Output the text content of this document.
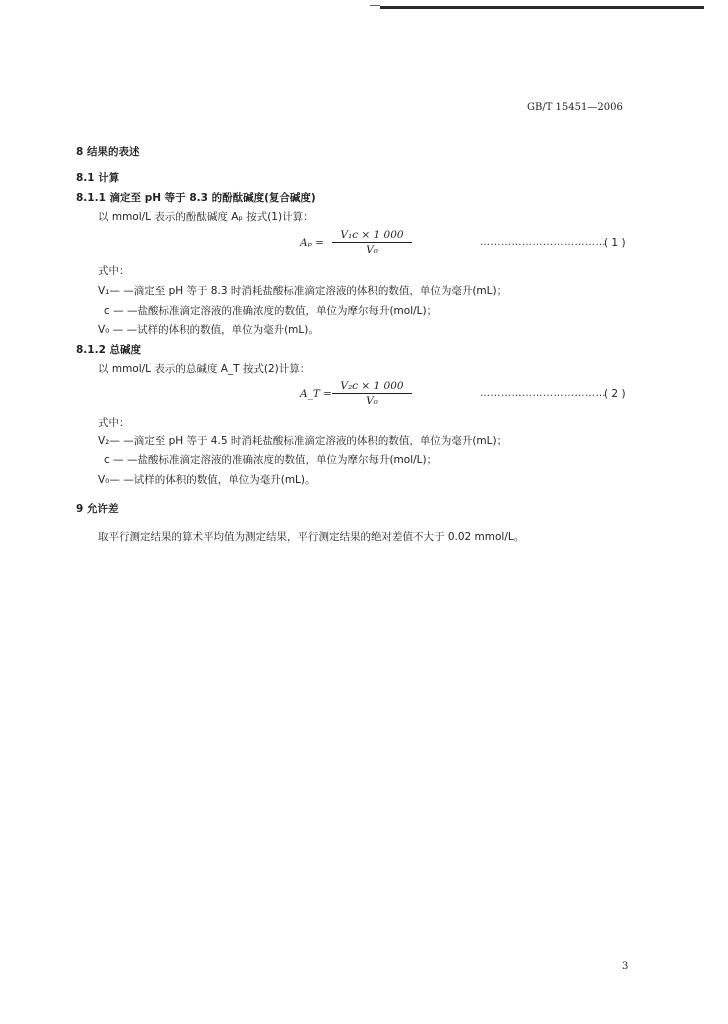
GB/T 15451—2006
8 结果的表述
8.1 计算
8.1.1 滴定至 pH 等于 8.3 的酚酞碱度(复合碱度)
以 mmol/L 表示的酚酞碱度 Aₚ 按式(1)计算：
$A_p = \frac{\text{V₁c × 1 000}}{\text{V₀}}$	………………………………
( 1 )
式中：
V₁— —滴定至 pH 等于 8.3 时消耗盐酸标准滴定溶液的体积的数值，单位为毫升(mL)；
c — —盐酸标准滴定溶液的准确浓度的数值，单位为摩尔每升(mol/L)；
V₀ — —试样的体积的数值，单位为毫升(mL)。
8.1.2 总碱度
以 mmol/L 表示的总碱度 A_T 按式(2)计算：
A_T = $\frac{\text{V₂c × 1 000}}{\text{V₀}}$	………………………………
( 2 )
式中：
V₂— —滴定至 pH 等于 4.5 时消耗盐酸标准滴定溶液的体积的数值，单位为毫升(mL)；
c — —盐酸标准滴定溶液的准确浓度的数值，单位为摩尔每升(mol/L)；
V₀— —试样的体积的数值，单位为毫升(mL)。
9 允许差
取平行测定结果的算术平均值为测定结果，平行测定结果的绝对差值不大于 0.02 mmol/L。
3
